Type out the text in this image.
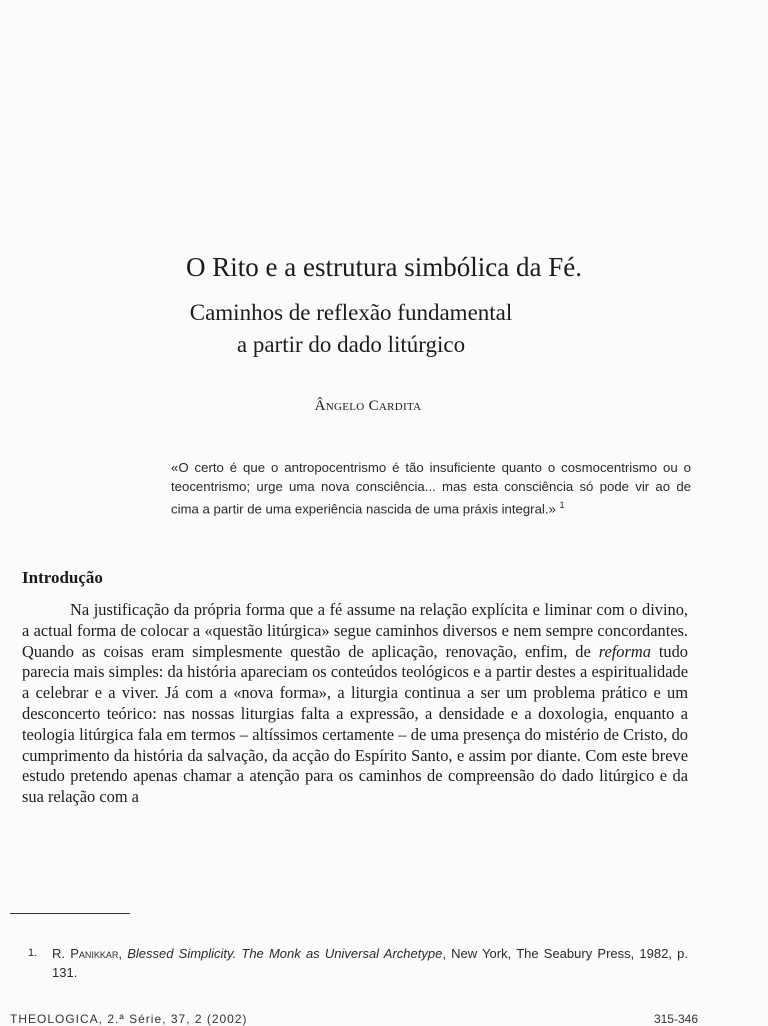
O Rito e a estrutura simbólica da Fé.
Caminhos de reflexão fundamental
a partir do dado litúrgico
Ângelo Cardita
«O certo é que o antropocentrismo é tão insuficiente quanto o cosmocentrismo ou o teocentrismo; urge uma nova consciência... mas esta consciência só pode vir ao de cima a partir de uma experiência nascida de uma práxis integral.» $^1$
Introdução

Na justificação da própria forma que a fé assume na relação explícita e liminar com o divino, a actual forma de colocar a «questão litúrgica» segue caminhos diversos e nem sempre concordantes. Quando as coisas eram simplesmente questão de aplicação, renovação, enfim, de reforma tudo parecia mais simples: da história apareciam os conteúdos teológicos e a partir destes a espiritualidade a celebrar e a viver. Já com a «nova forma», a liturgia continua a ser um problema prático e um desconcerto teórico: nas nossas liturgias falta a expressão, a densidade e a doxologia, enquanto a teologia litúrgica fala em termos – altíssimos certamente – de uma presença do mistério de Cristo, do cumprimento da história da salvação, da acção do Espírito Santo, e assim por diante. Com este breve estudo pretendo apenas chamar a atenção para os caminhos de compreensão do dado litúrgico e da sua relação com a

1. R. Panikkar, Blessed Simplicity. The Monk as Universal Archetype, New York, The Seabury Press, 1982, p. 131.
THEOLOGICA, 2.ª Série, 37, 2 (2002)	315-346
